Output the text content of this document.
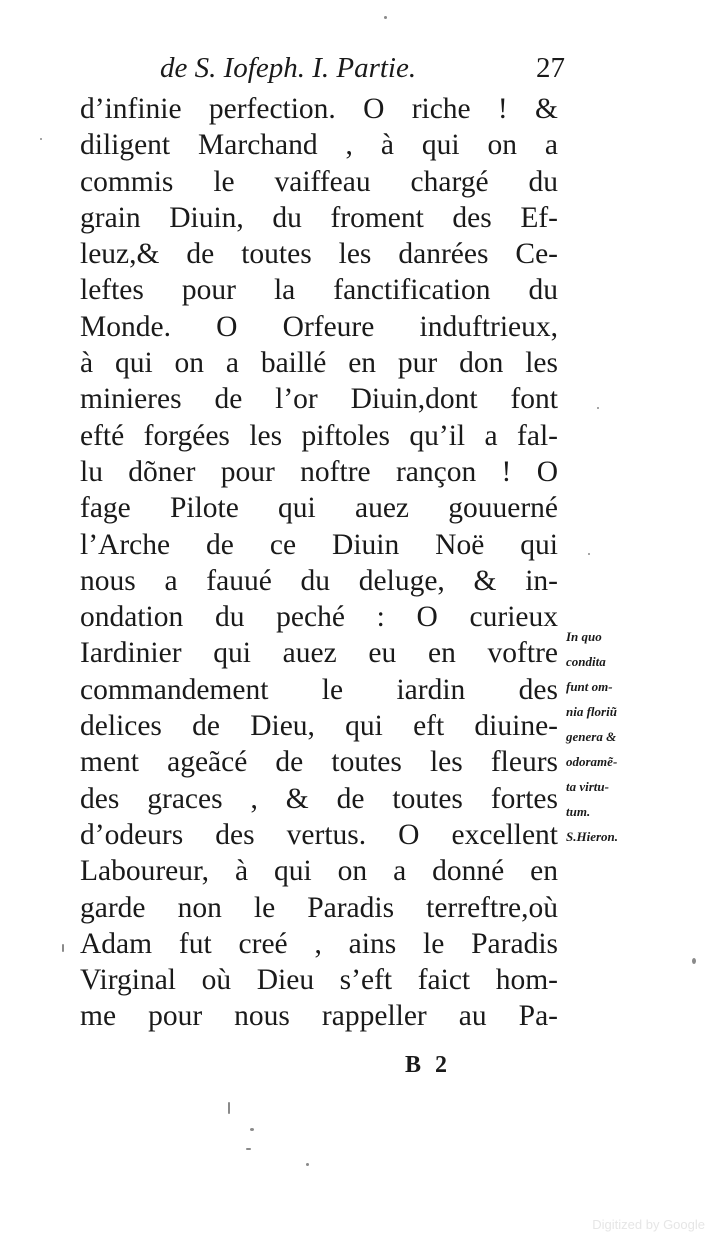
de S. Iofeph. I. Partie.	27
d’infinie perfection. O riche ! &
diligent Marchand , à qui on a
commis le vaiffeau chargé du
grain Diuin, du froment des Ef-
leuz,& de toutes les danrées Ce-
leftes pour la fanctification du
Monde. O Orfeure induftrieux,
à qui on a baillé en pur don les
minieres de l’or Diuin,dont font
efté forgées les piftoles qu’il a fal-
lu dõner pour noftre rançon ! O
fage Pilote qui auez gouuerné
l’Arche de ce Diuin Noë qui
nous a fauué du deluge, & in-
ondation du peché : O curieux
Iardinier qui auez eu en voftre
commandement le iardin des
delices de Dieu, qui eft diuine-
ment ageãcé de toutes les fleurs
des graces , & de toutes fortes
d’odeurs des vertus. O excellent
Laboureur, à qui on a donné en
garde non le Paradis terreftre,où
Adam fut creé , ains le Paradis
Virginal où Dieu s’eft faict hom-
me pour nous rappeller au Pa-
In quo
condita
funt om-
nia floriũ
genera &
odoramẽ-
ta virtu-
tum.
S.Hieron.
B 2
Digitized by Google
